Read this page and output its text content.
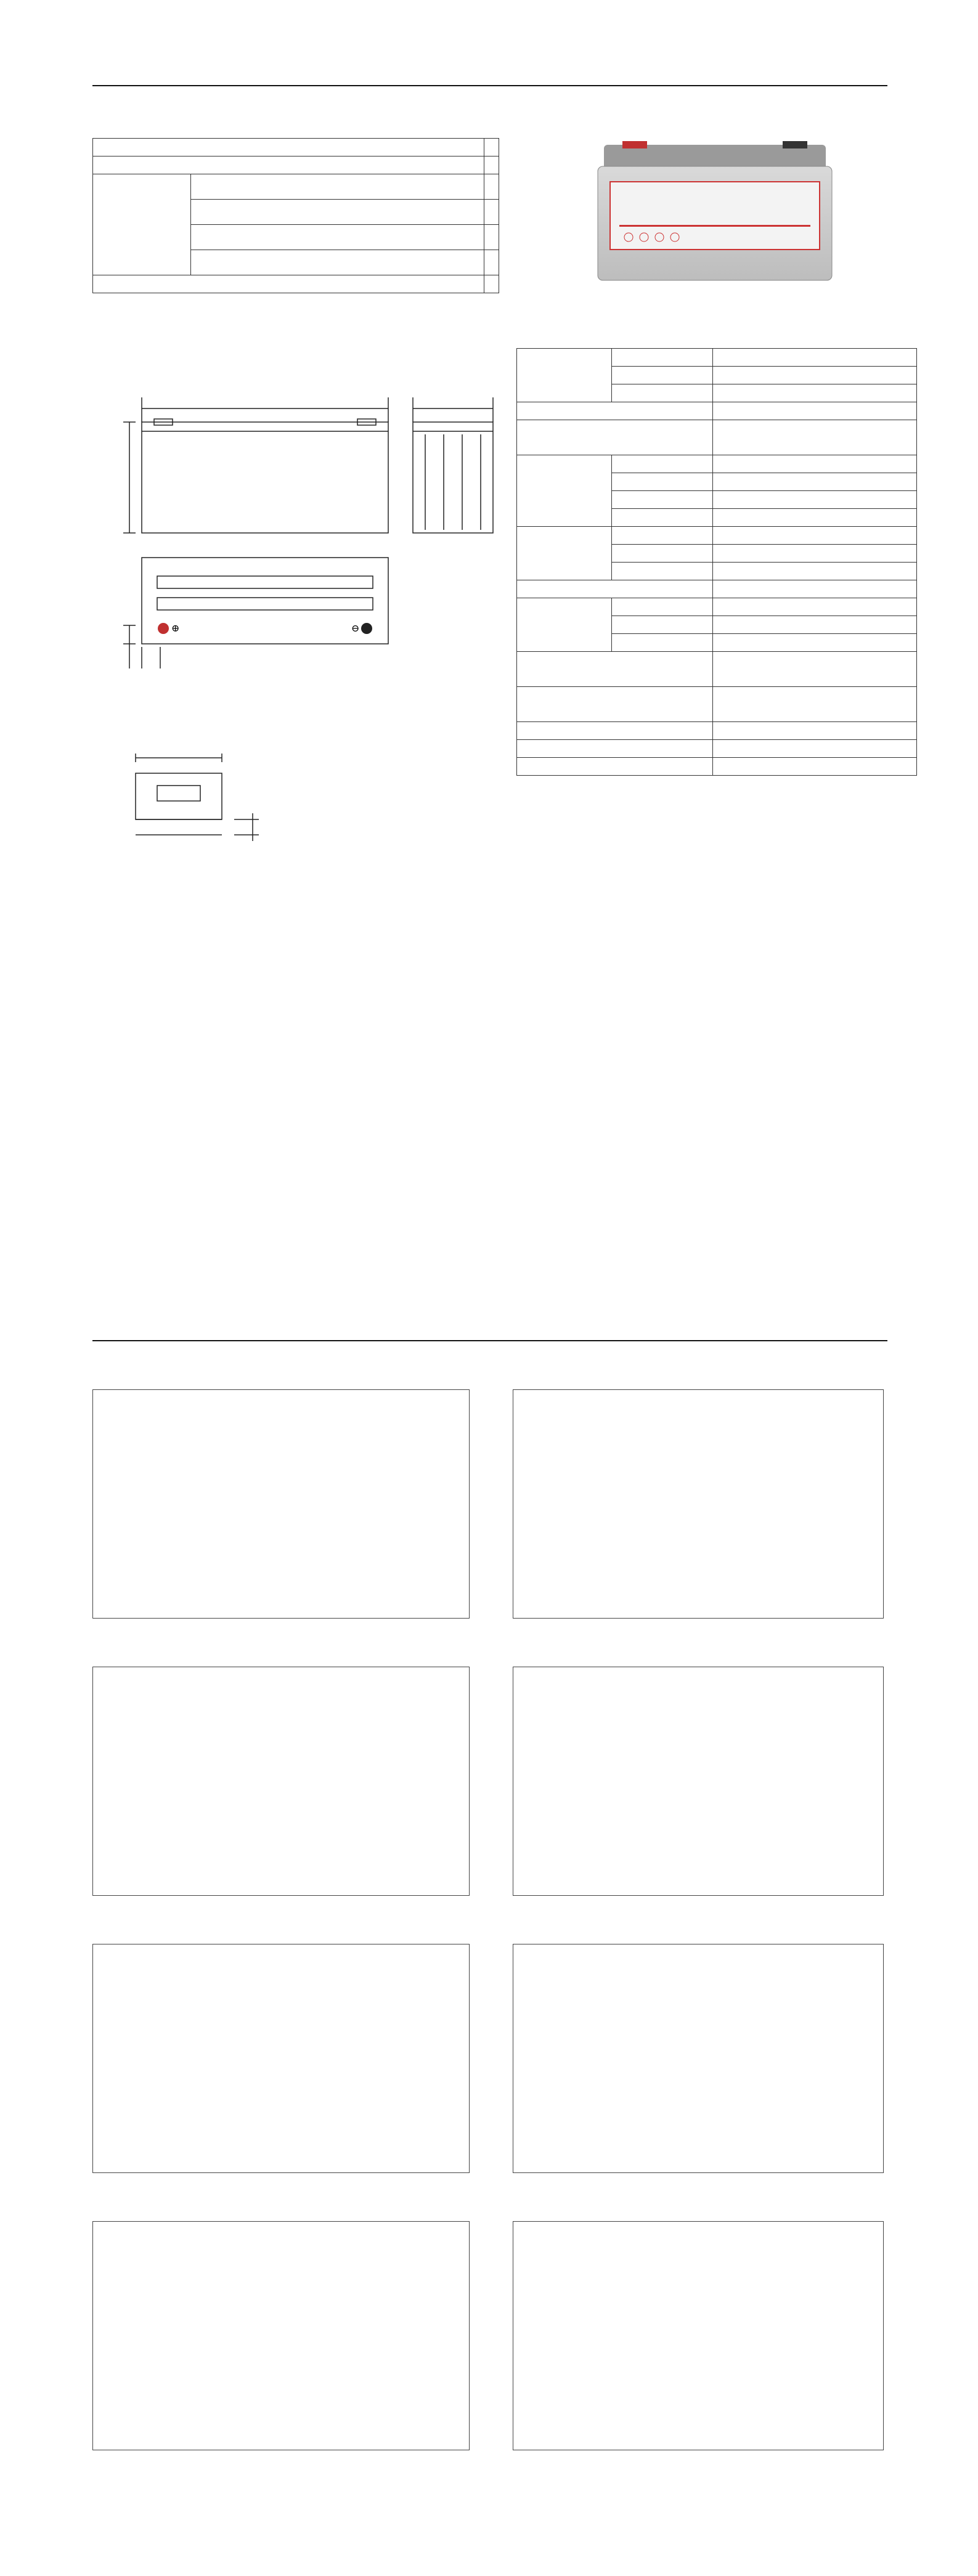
⊕	⊖
